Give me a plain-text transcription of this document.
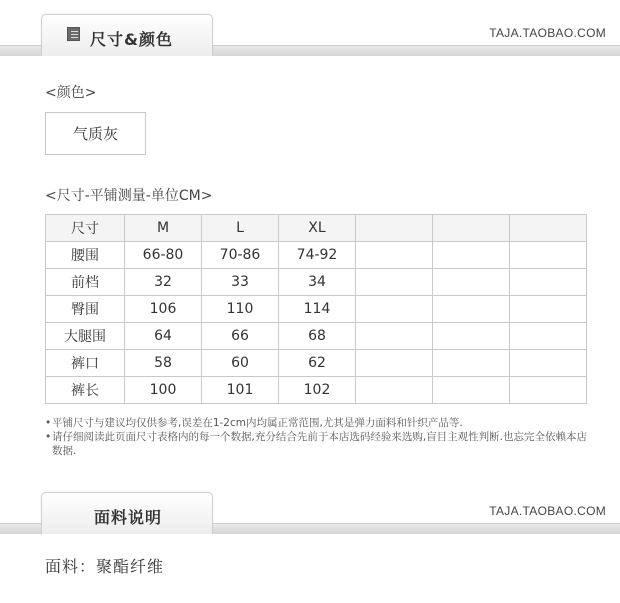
尺寸&颜色	TAJA.TAOBAO.COM
<颜色>
气质灰
<尺寸-平铺测量-单位CM>
尺寸	M	L	XL			
腰围	66-80	70-86	74-92			
前档	32	33	34			
臀围	106	110	114			
大腿围	64	66	68			
裤口	58	60	62			
裤长	100	101	102			
• 平铺尺寸与建议均仅供参考,误差在1-2cm内均属正常范围,尤其是弹力面料和针织产品等.
• 请仔细阅读此页面尺寸表格内的每一个数据,充分结合先前于本店选码经验来选购,盲目主观性判断.也忘完全依赖本店数据.
面料说明	TAJA.TAOBAO.COM
面料：聚酯纤维
